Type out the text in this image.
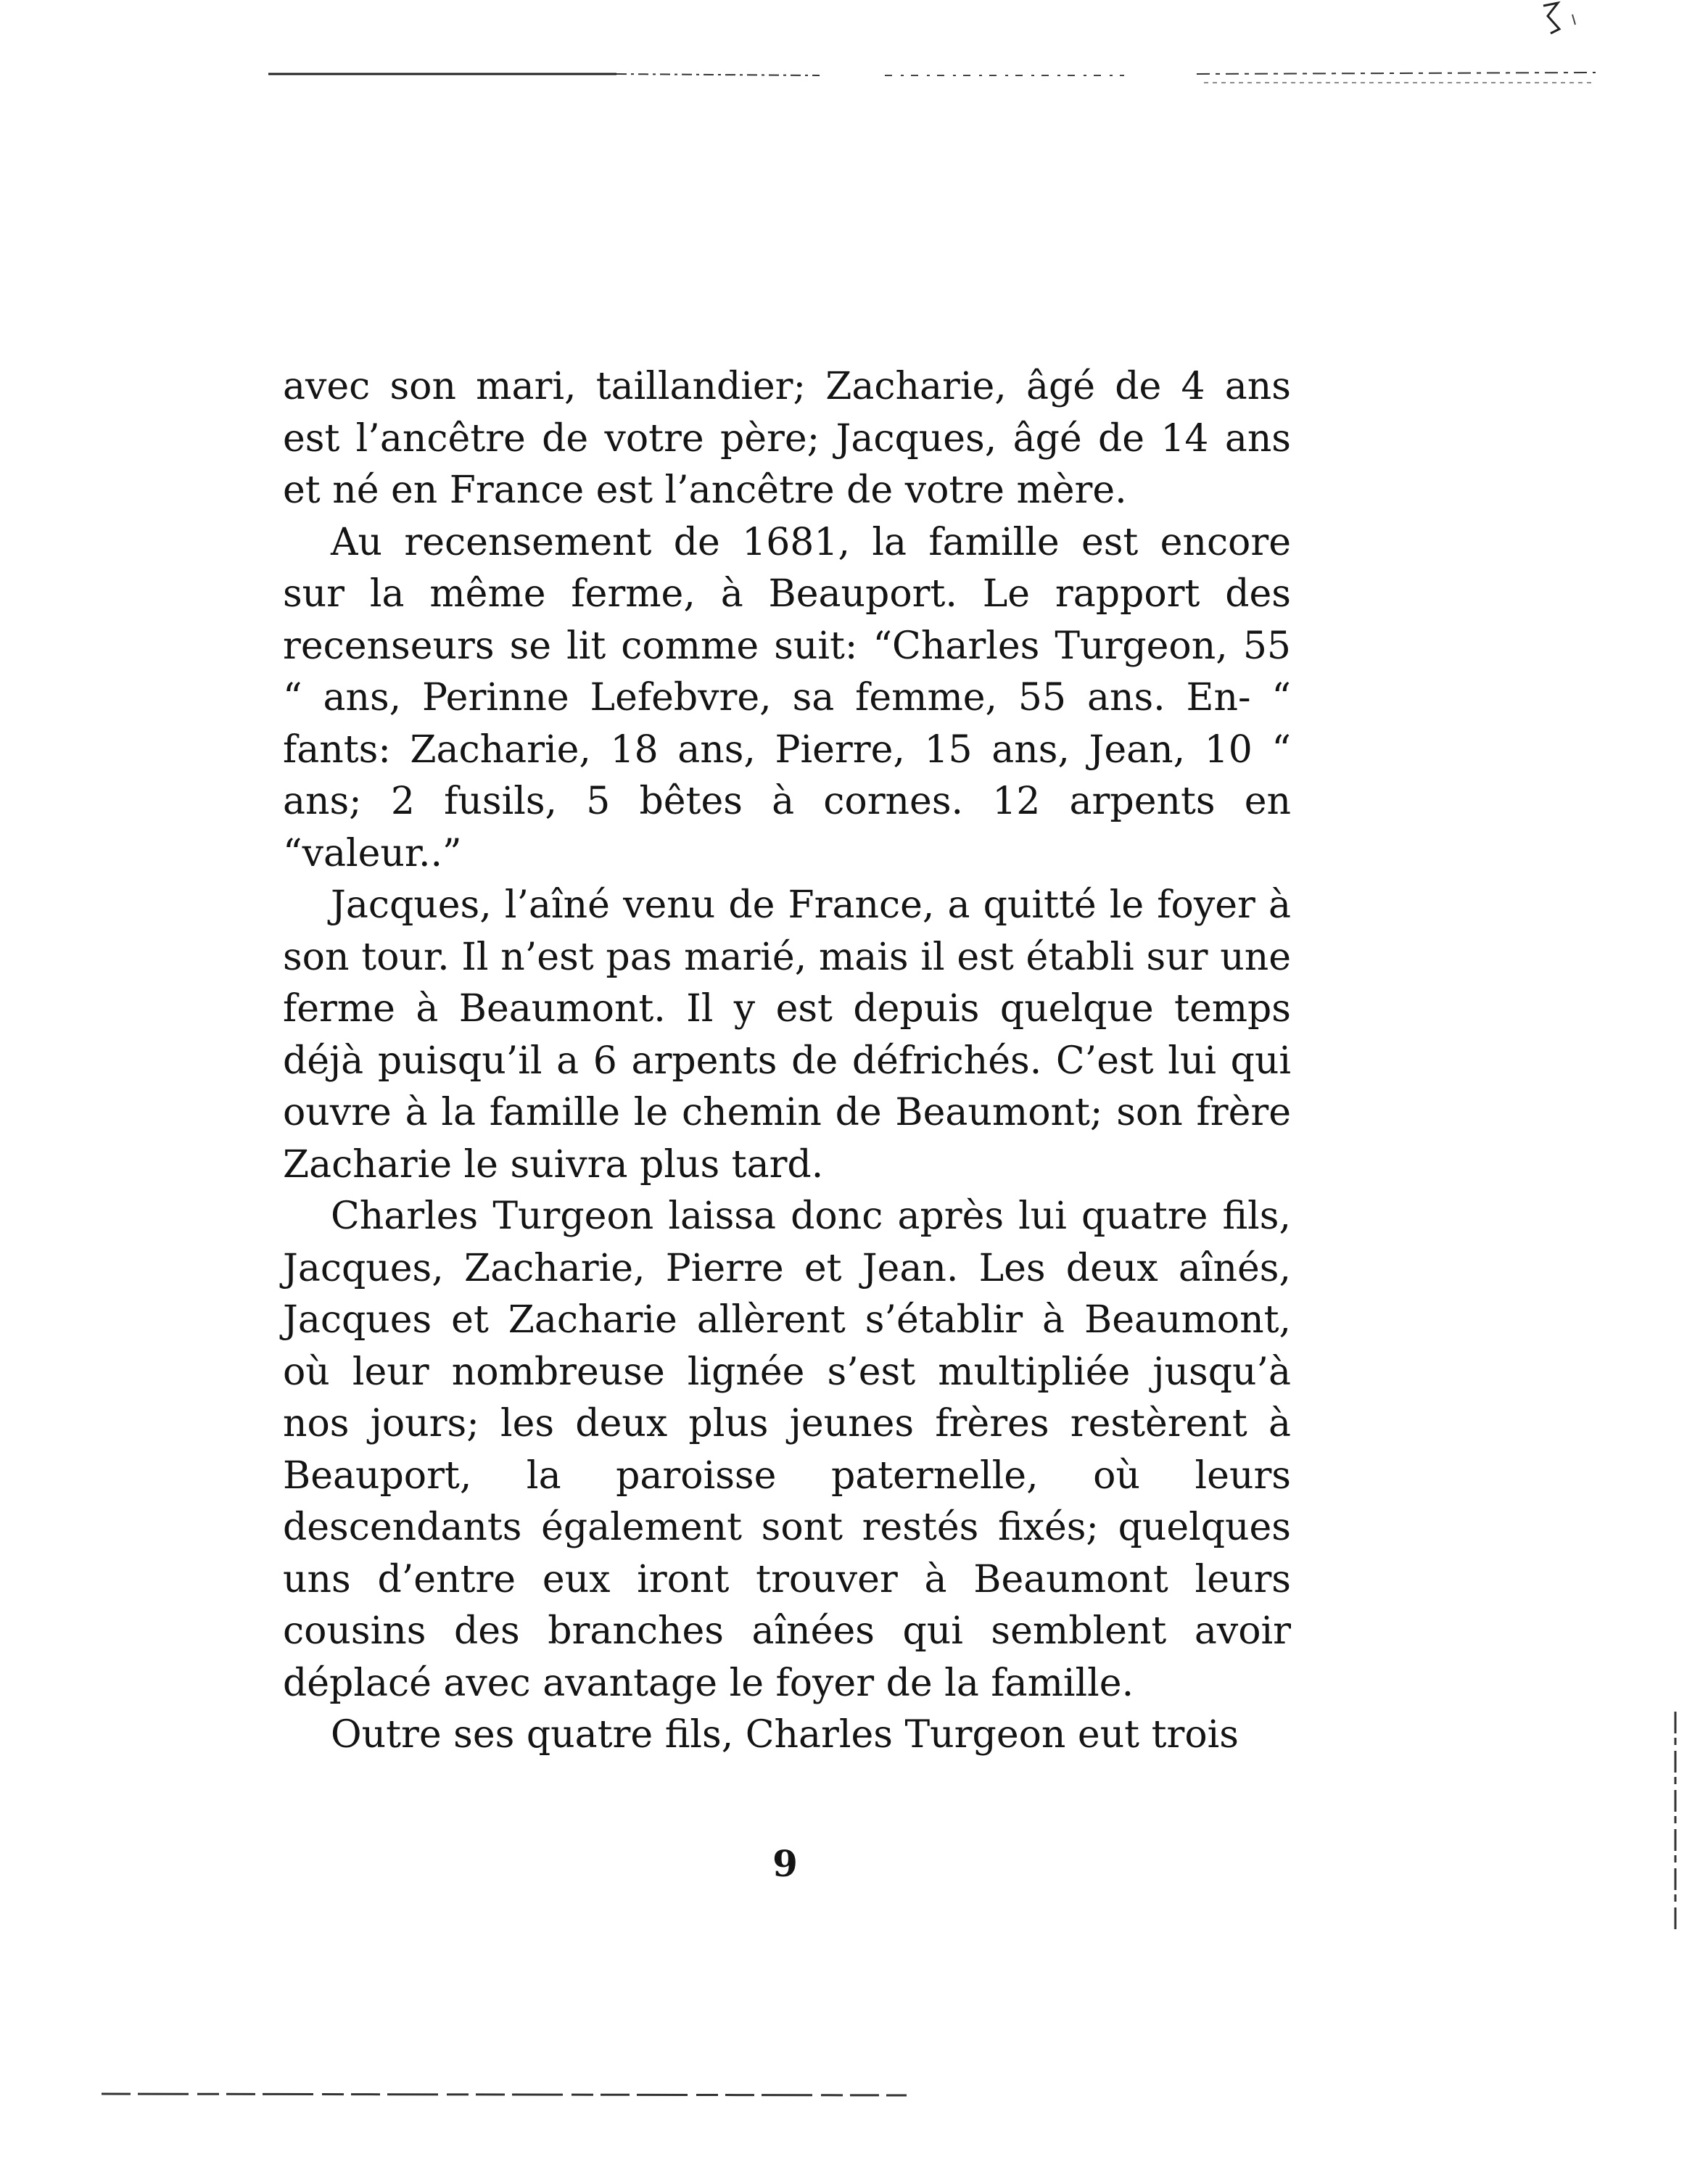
avec son mari, taillandier; Zacharie, âgé de 4 ans est l’ancêtre de votre père; Jacques, âgé de 14 ans et né en France est l’ancêtre de votre mère.

Au recensement de 1681, la famille est encore sur la même ferme, à Beauport. Le rapport des recenseurs se lit comme suit: “Charles Turgeon, 55 “ ans, Perinne Lefebvre, sa femme, 55 ans. En- “ fants: Zacharie, 18 ans, Pierre, 15 ans, Jean, 10 “ ans; 2 fusils, 5 bêtes à cornes. 12 arpents en “valeur..”

Jacques, l’aîné venu de France, a quitté le foyer à son tour. Il n’est pas marié, mais il est établi sur une ferme à Beaumont. Il y est depuis quelque temps déjà puisqu’il a 6 arpents de défrichés. C’est lui qui ouvre à la famille le chemin de Beaumont; son frère Zacharie le suivra plus tard.

Charles Turgeon laissa donc après lui quatre fils, Jacques, Zacharie, Pierre et Jean. Les deux aînés, Jacques et Zacharie allèrent s’établir à Beaumont, où leur nombreuse lignée s’est multipliée jusqu’à nos jours; les deux plus jeunes frères restèrent à Beauport, la paroisse paternelle, où leurs descendants également sont restés fixés; quelques uns d’entre eux iront trouver à Beaumont leurs cousins des branches aînées qui semblent avoir déplacé avec avantage le foyer de la famille.

Outre ses quatre fils, Charles Turgeon eut trois

9
